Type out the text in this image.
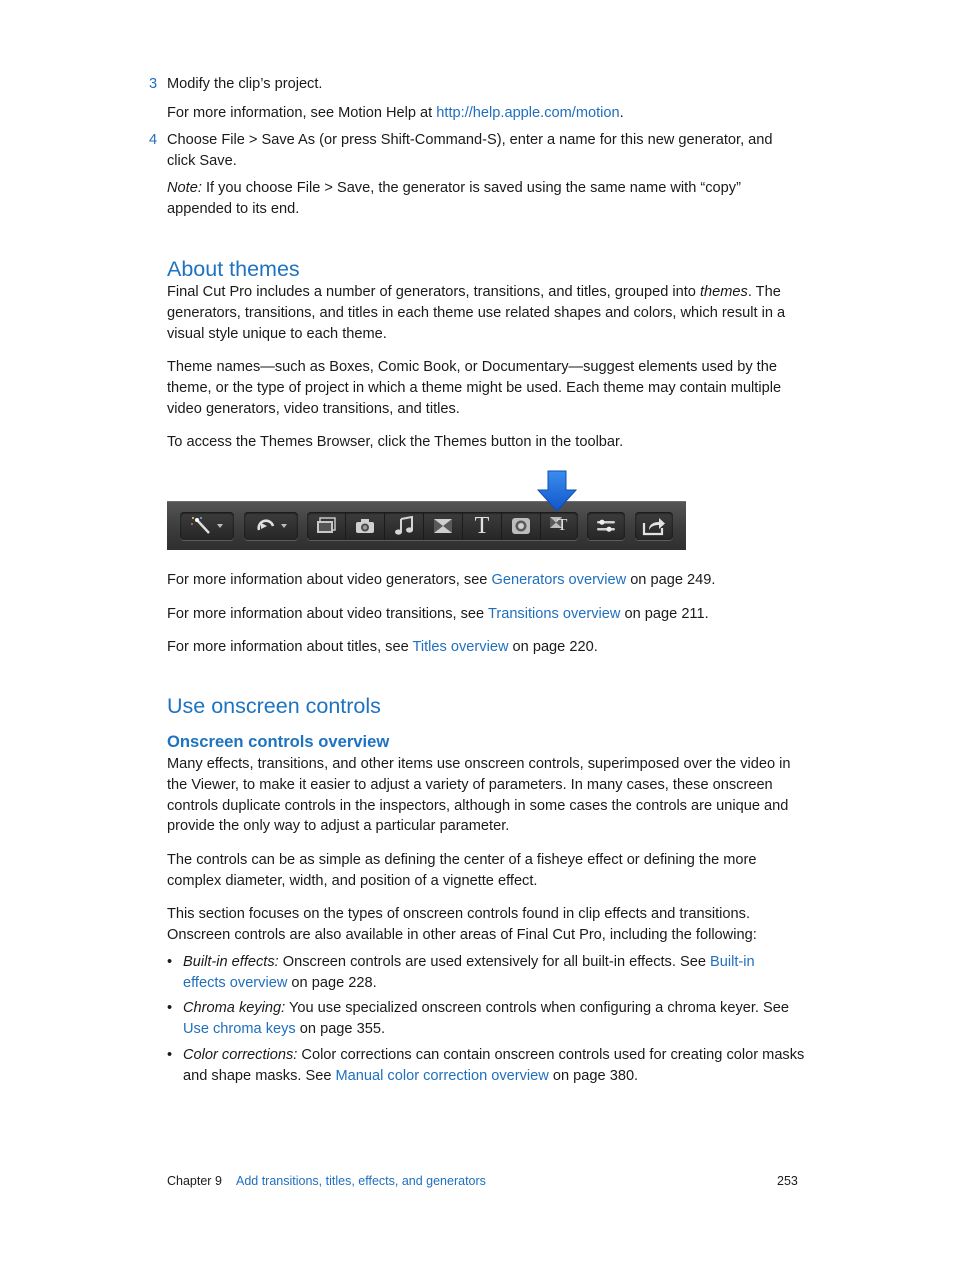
3 Modify the clip’s project.

For more information, see Motion Help at http://help.apple.com/motion.

4 Choose File > Save As (or press Shift-Command-S), enter a name for this new generator, and click Save.

Note: If you choose File > Save, the generator is saved using the same name with “copy” appended to its end.

About themes

Final Cut Pro includes a number of generators, transitions, and titles, grouped into themes. The generators, transitions, and titles in each theme use related shapes and colors, which result in a visual style unique to each theme.

Theme names—such as Boxes, Comic Book, or Documentary—suggest elements used by the theme, or the type of project in which a theme might be used. Each theme may contain multiple video generators, video transitions, and titles.

To access the Themes Browser, click the Themes button in the toolbar.

T	T

For more information about video generators, see Generators overview on page 249.

For more information about video transitions, see Transitions overview on page 211.

For more information about titles, see Titles overview on page 220.

Use onscreen controls
Onscreen controls overview

Many effects, transitions, and other items use onscreen controls, superimposed over the video in the Viewer, to make it easier to adjust a variety of parameters. In many cases, these onscreen controls duplicate controls in the inspectors, although in some cases the controls are unique and provide the only way to adjust a particular parameter.

The controls can be as simple as defining the center of a fisheye effect or defining the more complex diameter, width, and position of a vignette effect.

This section focuses on the types of onscreen controls found in clip effects and transitions. Onscreen controls are also available in other areas of Final Cut Pro, including the following:

• Built-in effects: Onscreen controls are used extensively for all built-in effects. See Built-in effects overview on page 228.

• Chroma keying: You use specialized onscreen controls when configuring a chroma keyer. See Use chroma keys on page 355.

• Color corrections: Color corrections can contain onscreen controls used for creating color masks and shape masks. See Manual color correction overview on page 380.

Chapter 9 Add transitions, titles, effects, and generators	253
